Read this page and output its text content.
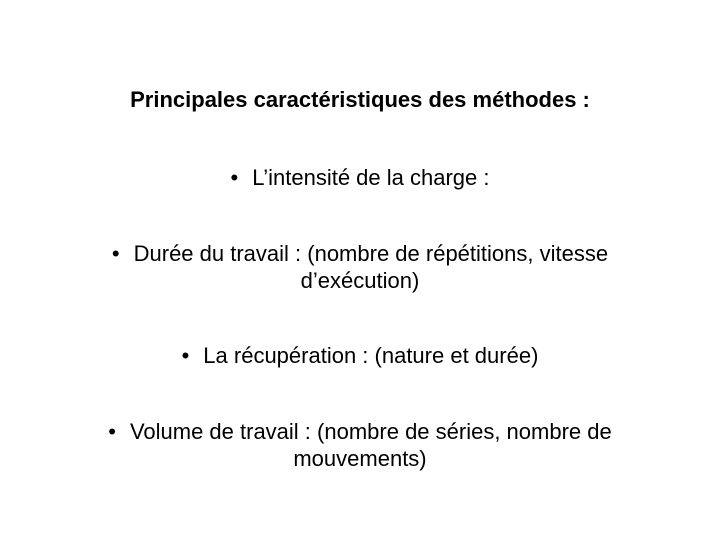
Principales caractéristiques des méthodes :
• L’intensité de la charge :
• Durée du travail : (nombre de répétitions, vitesse
d’exécution)
• La récupération : (nature et durée)
• Volume de travail : (nombre de séries, nombre de
mouvements)
